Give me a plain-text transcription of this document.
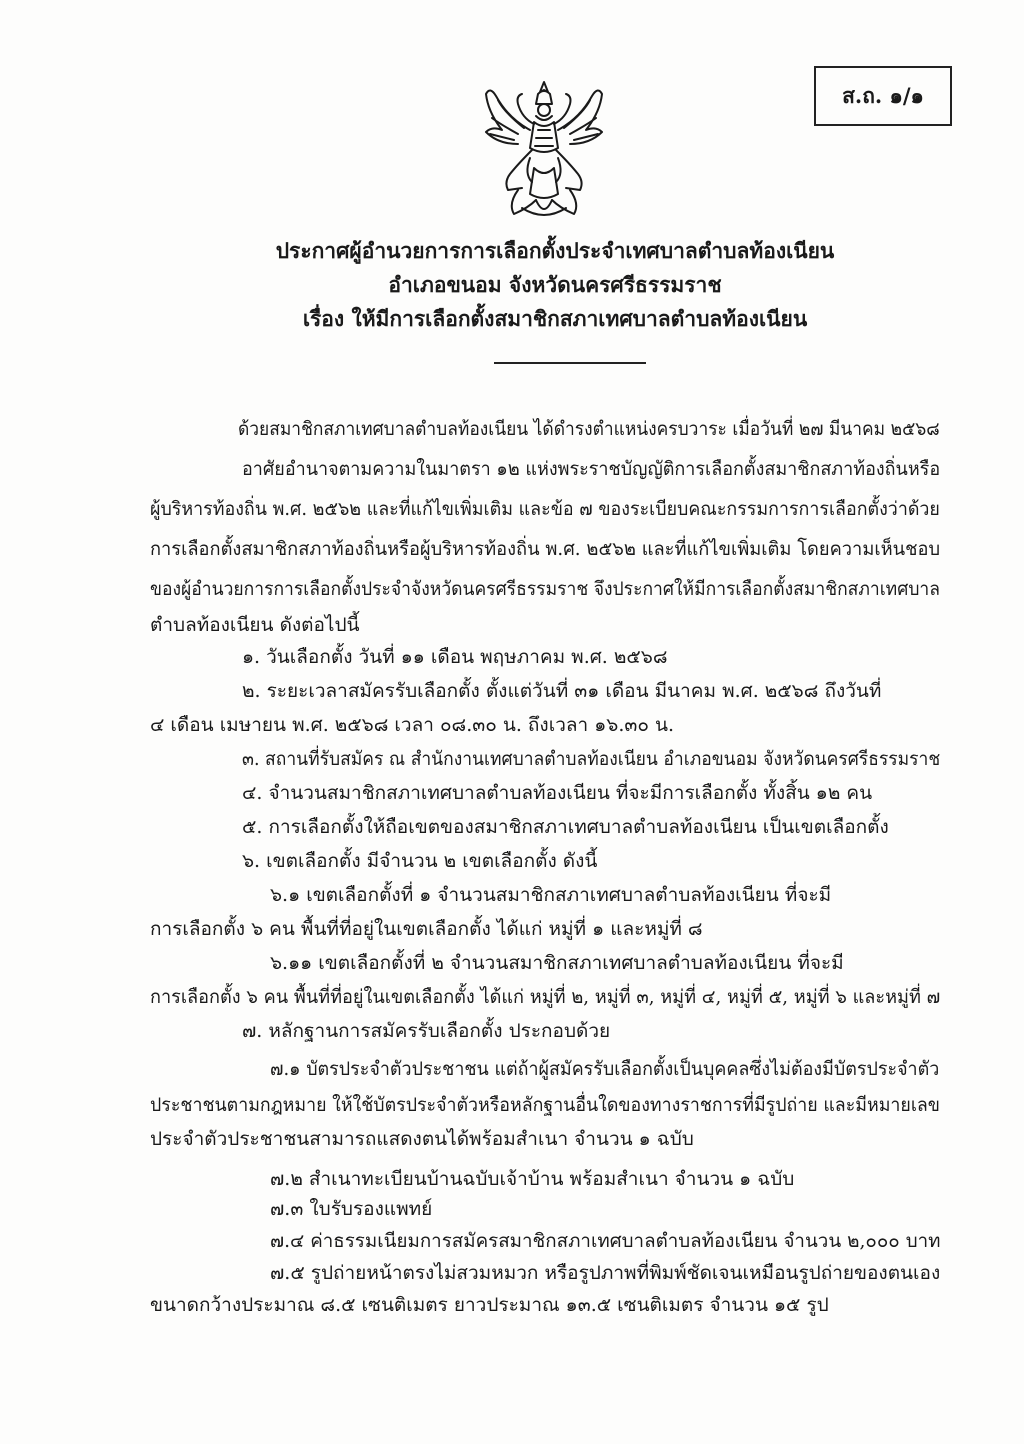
ส.ถ. ๑/๑
ประกาศผู้อำนวยการการเลือกตั้งประจำเทศบาลตำบลท้องเนียน
อำเภอขนอม จังหวัดนครศรีธรรมราช
เรื่อง ให้มีการเลือกตั้งสมาชิกสภาเทศบาลตำบลท้องเนียน
ด้วยสมาชิกสภาเทศบาลตำบลท้องเนียน ได้ดำรงตำแหน่งครบวาระ เมื่อวันที่ ๒๗ มีนาคม ๒๕๖๘
อาศัยอำนาจตามความในมาตรา ๑๒ แห่งพระราชบัญญัติการเลือกตั้งสมาชิกสภาท้องถิ่นหรือ
ผู้บริหารท้องถิ่น พ.ศ. ๒๕๖๒ และที่แก้ไขเพิ่มเติม และข้อ ๗ ของระเบียบคณะกรรมการการเลือกตั้งว่าด้วย
การเลือกตั้งสมาชิกสภาท้องถิ่นหรือผู้บริหารท้องถิ่น พ.ศ. ๒๕๖๒ และที่แก้ไขเพิ่มเติม โดยความเห็นชอบ
ของผู้อำนวยการการเลือกตั้งประจำจังหวัดนครศรีธรรมราช จึงประกาศให้มีการเลือกตั้งสมาชิกสภาเทศบาล
ตำบลท้องเนียน ดังต่อไปนี้
๑. วันเลือกตั้ง วันที่ ๑๑ เดือน พฤษภาคม พ.ศ. ๒๕๖๘
๒. ระยะเวลาสมัครรับเลือกตั้ง ตั้งแต่วันที่ ๓๑ เดือน มีนาคม พ.ศ. ๒๕๖๘ ถึงวันที่
๔ เดือน เมษายน พ.ศ. ๒๕๖๘ เวลา ๐๘.๓๐ น. ถึงเวลา ๑๖.๓๐ น.
๓. สถานที่รับสมัคร ณ สำนักงานเทศบาลตำบลท้องเนียน อำเภอขนอม จังหวัดนครศรีธรรมราช
๔. จำนวนสมาชิกสภาเทศบาลตำบลท้องเนียน ที่จะมีการเลือกตั้ง ทั้งสิ้น ๑๒ คน
๕. การเลือกตั้งให้ถือเขตของสมาชิกสภาเทศบาลตำบลท้องเนียน เป็นเขตเลือกตั้ง
๖. เขตเลือกตั้ง มีจำนวน ๒ เขตเลือกตั้ง ดังนี้
๖.๑ เขตเลือกตั้งที่ ๑ จำนวนสมาชิกสภาเทศบาลตำบลท้องเนียน ที่จะมี
การเลือกตั้ง ๖ คน พื้นที่ที่อยู่ในเขตเลือกตั้ง ได้แก่ หมู่ที่ ๑ และหมู่ที่ ๘
๖.๑๑ เขตเลือกตั้งที่ ๒ จำนวนสมาชิกสภาเทศบาลตำบลท้องเนียน ที่จะมี
การเลือกตั้ง ๖ คน พื้นที่ที่อยู่ในเขตเลือกตั้ง ได้แก่ หมู่ที่ ๒, หมู่ที่ ๓, หมู่ที่ ๔, หมู่ที่ ๕, หมู่ที่ ๖ และหมู่ที่ ๗
๗. หลักฐานการสมัครรับเลือกตั้ง ประกอบด้วย
๗.๑ บัตรประจำตัวประชาชน แต่ถ้าผู้สมัครรับเลือกตั้งเป็นบุคคลซึ่งไม่ต้องมีบัตรประจำตัว
ประชาชนตามกฎหมาย ให้ใช้บัตรประจำตัวหรือหลักฐานอื่นใดของทางราชการที่มีรูปถ่าย และมีหมายเลข
ประจำตัวประชาชนสามารถแสดงตนได้พร้อมสำเนา จำนวน ๑ ฉบับ
๗.๒ สำเนาทะเบียนบ้านฉบับเจ้าบ้าน พร้อมสำเนา จำนวน ๑ ฉบับ
๗.๓ ใบรับรองแพทย์
๗.๔ ค่าธรรมเนียมการสมัครสมาชิกสภาเทศบาลตำบลท้องเนียน จำนวน ๒,๐๐๐ บาท
๗.๕ รูปถ่ายหน้าตรงไม่สวมหมวก หรือรูปภาพที่พิมพ์ชัดเจนเหมือนรูปถ่ายของตนเอง
ขนาดกว้างประมาณ ๘.๕ เซนติเมตร ยาวประมาณ ๑๓.๕ เซนติเมตร จำนวน ๑๕ รูป
